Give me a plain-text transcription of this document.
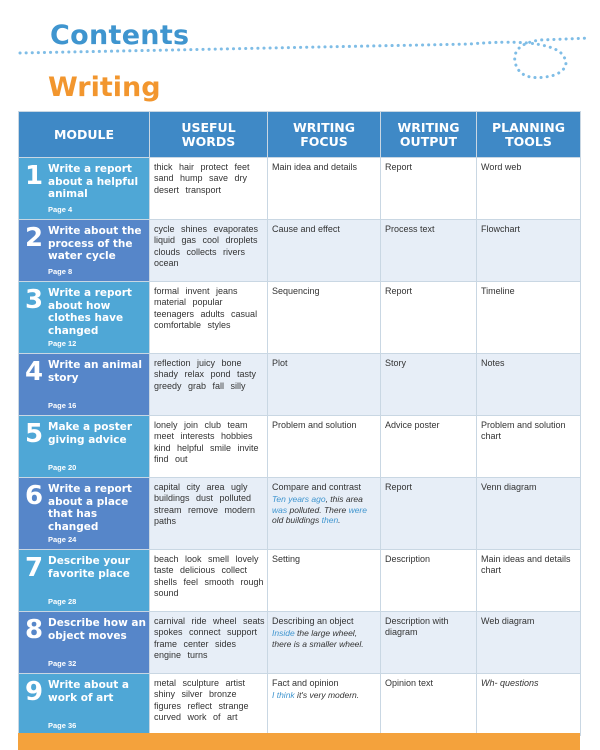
Contents
Writing
MODULE	USEFUL WORDS	WRITING FOCUS	WRITING OUTPUT	PLANNING TOOLS

1 Write a report about a helpful animal
Page 4	thick hair protect feet sand hump save dry desert transport	Main idea and details	Report	Word web

2 Write about the process of the water cycle
Page 8	cycle shines evaporates liquid gas cool droplets clouds collects rivers ocean	Cause and effect	Process text	Flowchart

3 Write a report about how clothes have changed
Page 12	formal invent jeans material popular teenagers adults casual comfortable styles	Sequencing	Report	Timeline

4 Write an animal story
Page 16	reflection juicy bone shady relax pond tasty greedy grab fall silly	Plot	Story	Notes

5 Make a poster giving advice
Page 20	lonely join club team meet interests hobbies kind helpful smile invite find out	Problem and solution	Advice poster	Problem and solution chart

6 Write a report about a place that has changed
Page 24	capital city area ugly buildings dust polluted stream remove modern paths	Compare and contrast
Ten years ago, this area was polluted. There were old buildings then.	Report	Venn diagram

7 Describe your favorite place
Page 28	beach look smell lovely taste delicious collect shells feel smooth rough sound	Setting	Description	Main ideas and details chart

8 Describe how an object moves
Page 32	carnival ride wheel seats spokes connect support frame center sides engine turns	Describing an object
Inside the large wheel, there is a smaller wheel.	Description with diagram	Web diagram

9 Write about a work of art
Page 36	metal sculpture artist shiny silver bronze figures reflect strange curved work of art	Fact and opinion
I think it's very modern.	Opinion text	Wh- questions
